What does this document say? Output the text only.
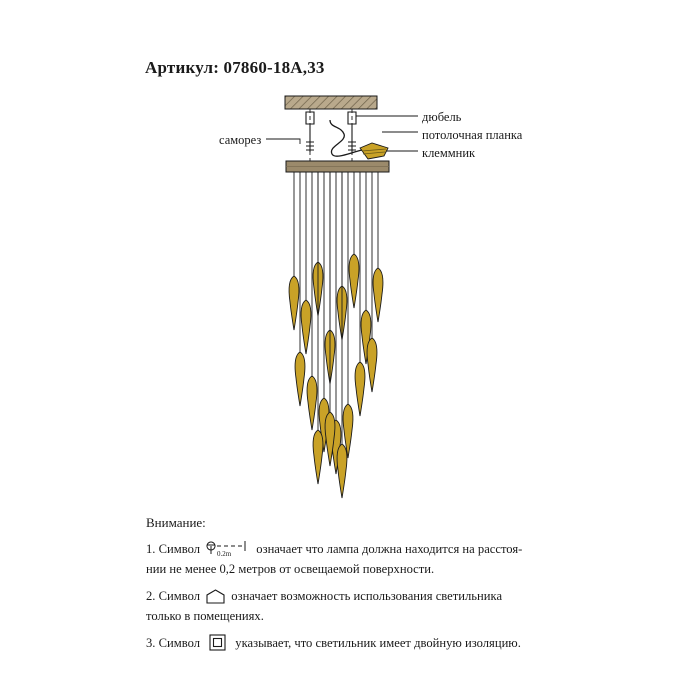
Артикул: 07860-18A,33
дюбель
потолочная планка
клеммник
саморез
Внимание:
1. Символ 0.2m означает что лампа должна находится на расстоя-
нии не менее 0,2 метров от освещаемой поверхности.
2. Символ означает возможность использования светильника
только в помещениях.
3. Символ	указывает, что светильник имеет двойную изоляцию.
